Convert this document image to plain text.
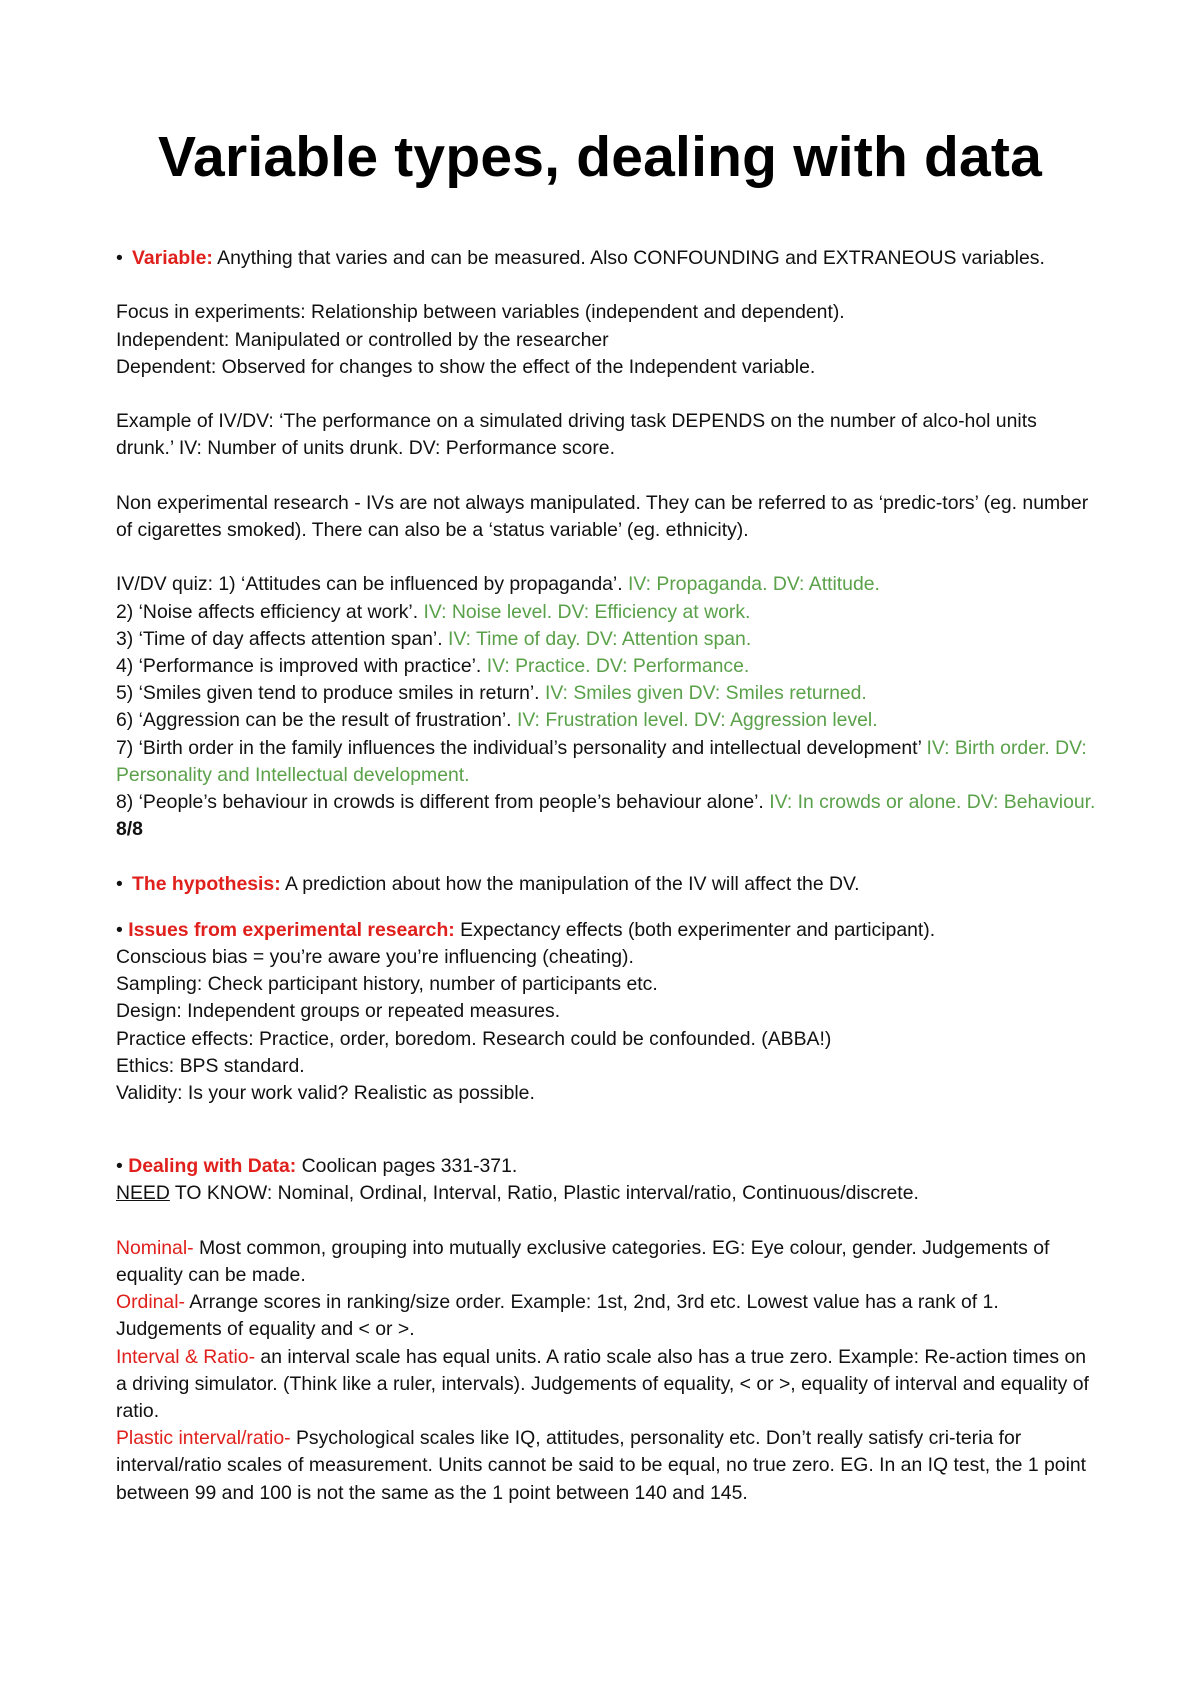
Variable types, dealing with data

• Variable: Anything that varies and can be measured. Also CONFOUNDING and EXTRANEOUS variables.

Focus in experiments: Relationship between variables (independent and dependent).

Independent: Manipulated or controlled by the researcher

Dependent: Observed for changes to show the effect of the Independent variable.

Example of IV/DV: ‘The performance on a simulated driving task DEPENDS on the number of alco-hol units drunk.’ IV: Number of units drunk. DV: Performance score.

Non experimental research - IVs are not always manipulated. They can be referred to as ‘predic-tors’ (eg. number of cigarettes smoked). There can also be a ‘status variable’ (eg. ethnicity).

IV/DV quiz: 1) ‘Attitudes can be influenced by propaganda’. IV: Propaganda. DV: Attitude.

2) ‘Noise affects efficiency at work’. IV: Noise level. DV: Efficiency at work.

3) ‘Time of day affects attention span’. IV: Time of day. DV: Attention span.

4) ‘Performance is improved with practice’. IV: Practice. DV: Performance.

5) ‘Smiles given tend to produce smiles in return’. IV: Smiles given DV: Smiles returned.

6) ‘Aggression can be the result of frustration’. IV: Frustration level. DV: Aggression level.

7) ‘Birth order in the family influences the individual’s personality and intellectual development’ IV: Birth order. DV: Personality and Intellectual development.

8) ‘People’s behaviour in crowds is different from people’s behaviour alone’. IV: In crowds or alone. DV: Behaviour.

8/8

• The hypothesis: A prediction about how the manipulation of the IV will affect the DV.

• Issues from experimental research: Expectancy effects (both experimenter and participant).

Conscious bias = you’re aware you’re influencing (cheating).

Sampling: Check participant history, number of participants etc.

Design: Independent groups or repeated measures.

Practice effects: Practice, order, boredom. Research could be confounded. (ABBA!)

Ethics: BPS standard.

Validity: Is your work valid? Realistic as possible.

• Dealing with Data: Coolican pages 331-371.

NEED TO KNOW: Nominal, Ordinal, Interval, Ratio, Plastic interval/ratio, Continuous/discrete.

Nominal- Most common, grouping into mutually exclusive categories. EG: Eye colour, gender. Judgements of equality can be made.

Ordinal- Arrange scores in ranking/size order. Example: 1st, 2nd, 3rd etc. Lowest value has a rank of 1. Judgements of equality and < or >.

Interval & Ratio- an interval scale has equal units. A ratio scale also has a true zero. Example: Re-action times on a driving simulator. (Think like a ruler, intervals). Judgements of equality, < or >, equality of interval and equality of ratio.

Plastic interval/ratio- Psychological scales like IQ, attitudes, personality etc. Don’t really satisfy cri-teria for interval/ratio scales of measurement. Units cannot be said to be equal, no true zero. EG. In an IQ test, the 1 point between 99 and 100 is not the same as the 1 point between 140 and 145.
